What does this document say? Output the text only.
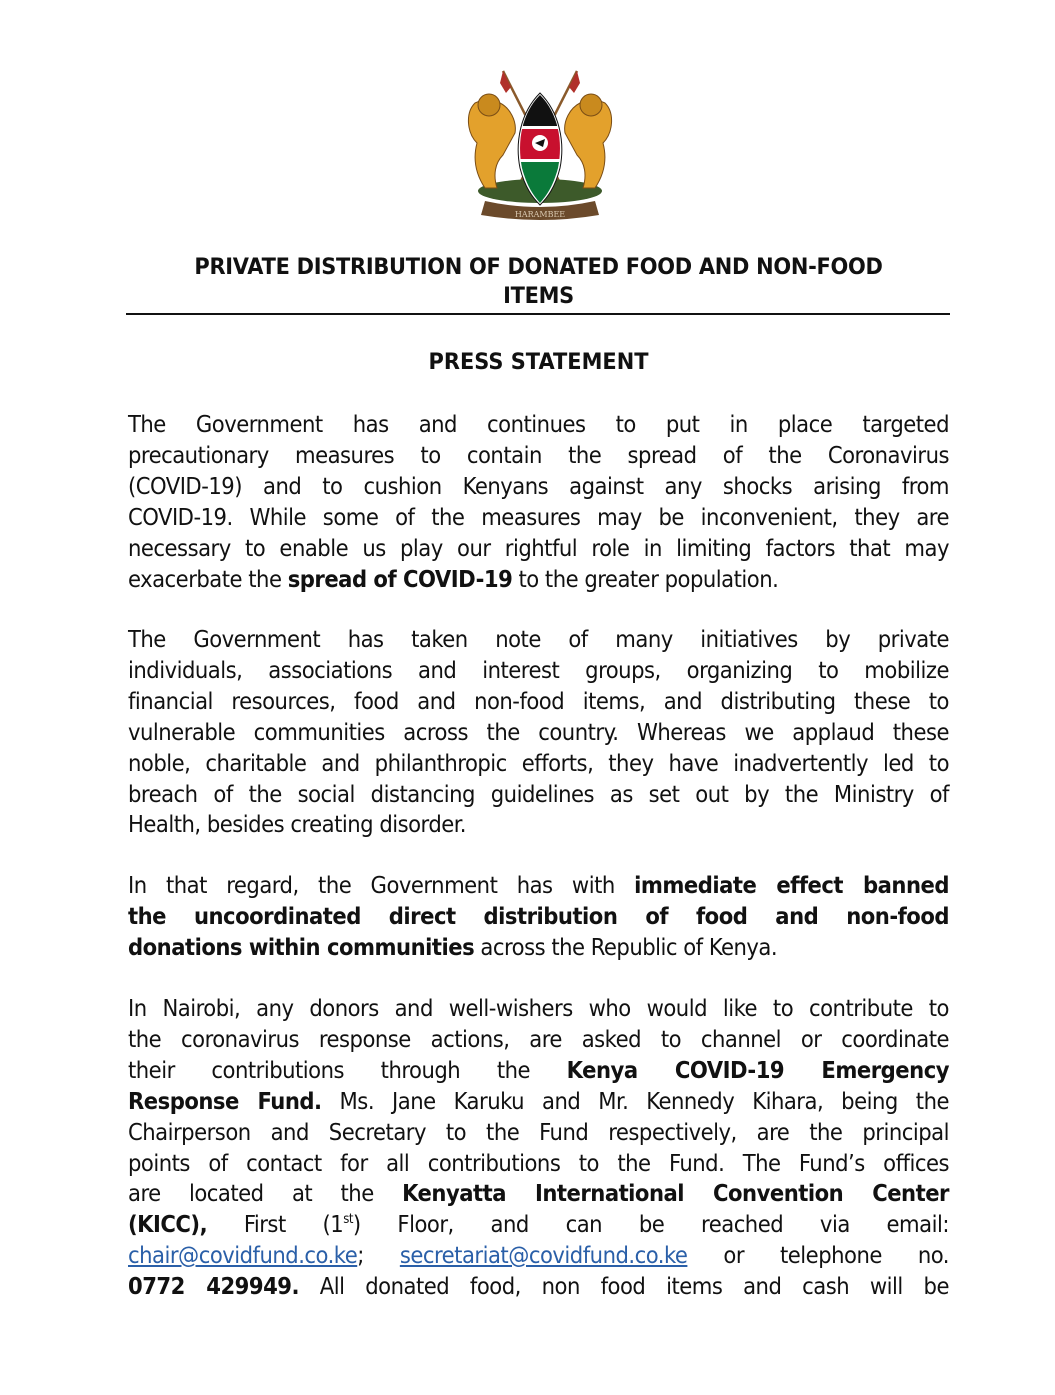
HARAMBEE
PRIVATE DISTRIBUTION OF DONATED FOOD AND NON-FOOD
ITEMS
PRESS STATEMENT
The Government has and continues to put in place targeted
precautionary measures to contain the spread of the Coronavirus
(COVID-19) and to cushion Kenyans against any shocks arising from
COVID-19. While some of the measures may be inconvenient, they are
necessary to enable us play our rightful role in limiting factors that may
exacerbate the spread of COVID-19 to the greater population.
The Government has taken note of many initiatives by private
individuals, associations and interest groups, organizing to mobilize
financial resources, food and non-food items, and distributing these to
vulnerable communities across the country. Whereas we applaud these
noble, charitable and philanthropic efforts, they have inadvertently led to
breach of the social distancing guidelines as set out by the Ministry of
Health, besides creating disorder.
In that regard, the Government has with immediate effect banned
the uncoordinated direct distribution of food and non-food
donations within communities across the Republic of Kenya.
In Nairobi, any donors and well-wishers who would like to contribute to
the coronavirus response actions, are asked to channel or coordinate
their contributions through the Kenya COVID-19 Emergency
Response Fund. Ms. Jane Karuku and Mr. Kennedy Kihara, being the
Chairperson and Secretary to the Fund respectively, are the principal
points of contact for all contributions to the Fund. The Fund’s offices
are located at the Kenyatta International Convention Center
(KICC), First (1st) Floor, and can be reached via email:
chair@covidfund.co.ke; secretariat@covidfund.co.ke or telephone no.
0772 429949. All donated food, non food items and cash will be
